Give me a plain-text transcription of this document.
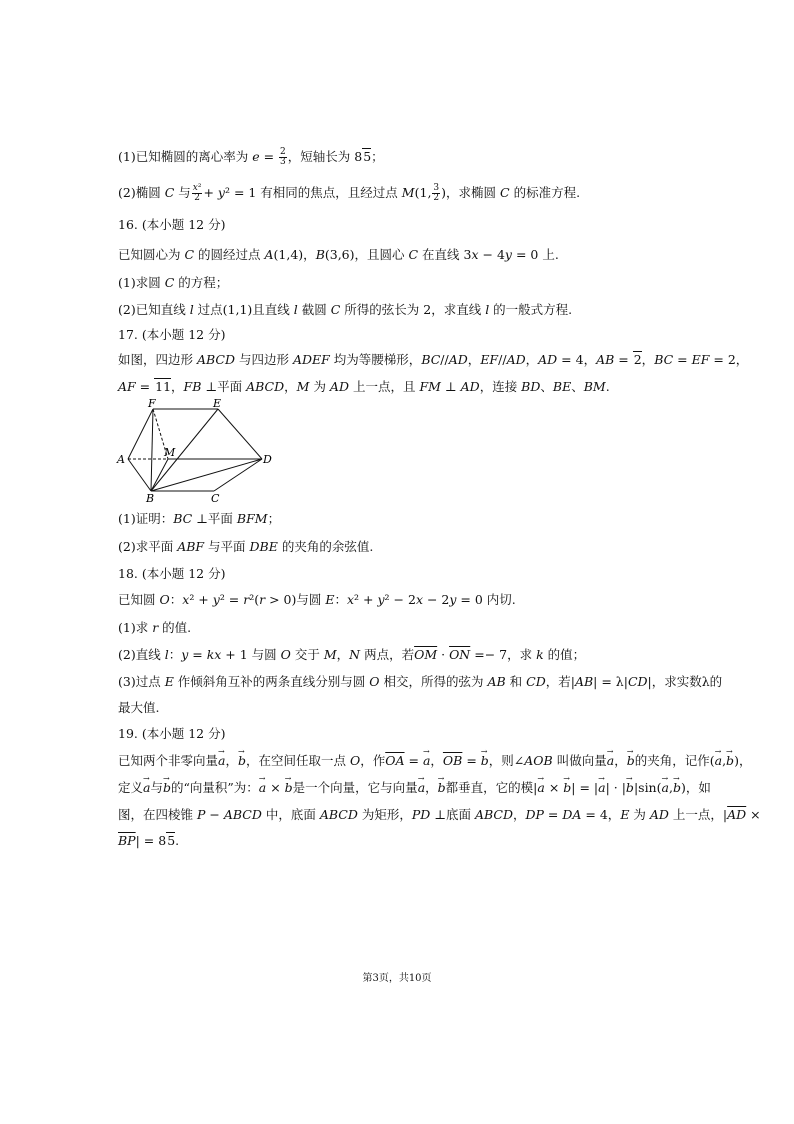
(1)已知椭圆的离心率为 $e = \frac{2}{3}$ ，短轴长为 85；
(2)椭圆 C 与 $\frac{\text{x²}}{2} + y^2 = 1$ 有相同的焦点，且经过点 M(1, $\frac{3}{2}$ )，求椭圆 C 的标准方程.
16. (本小题 12 分)
已知圆心为 C 的圆经过点 A(1,4)，B(3,6)，且圆心 C 在直线 3x − 4y = 0 上.
(1)求圆 C 的方程；
(2)已知直线 l 过点(1,1)且直线 l 截圆 C 所得的弦长为 2，求直线 l 的一般式方程.
17. (本小题 12 分)
如图，四边形 ABCD 与四边形 ADEF 均为等腰梯形，BC//AD，EF//AD，AD = 4，AB = 2，BC = EF = 2，
AF = 11，FB ⊥平面 ABCD，M 为 AD 上一点，且 FM ⊥ AD，连接 BD、BE、BM.
F	E
A
M
D
B	C
(1)证明：BC ⊥平面 BFM；
(2)求平面 ABF 与平面 DBE 的夹角的余弦值.
18. (本小题 12 分)
已知圆 O：x² + y² = r²(r > 0)与圆 E：x² + y² − 2x − 2y = 0 内切.
(1)求 r 的值.
(2)直线 l：y = kx + 1 与圆 O 交于 M，N 两点，若$\overline{OM} \cdot \overline{ON} =- 7$，求 k 的值；
(3)过点 E 作倾斜角互补的两条直线分别与圆 O 相交，所得的弦为 AB 和 CD，若|AB| = λ|CD|，求实数λ的
最大值.
19. (本小题 12 分)
已知两个非零向量→ a，→ b，在空间任取一点 O，作$\overline{OA}$ = → a，$\overline{OB}$ = → b，则∠AOB 叫做向量→ a，→ b的夹角，记作(→ a,→ b)，
定义→ a与→ b的“向量积”为：→ a × → b是一个向量，它与向量→ a，→ b都垂直，它的模|→ a × → b| = |→ a| · |→ b|sin(→ a,→ b)，如
图，在四棱锥 P − ABCD 中，底面 ABCD 为矩形，PD ⊥底面 ABCD，DP = DA = 4，E 为 AD 上一点，$|\overline{AD}$ ×
$\overline{BP}| = 85$.
第3页，共10页
